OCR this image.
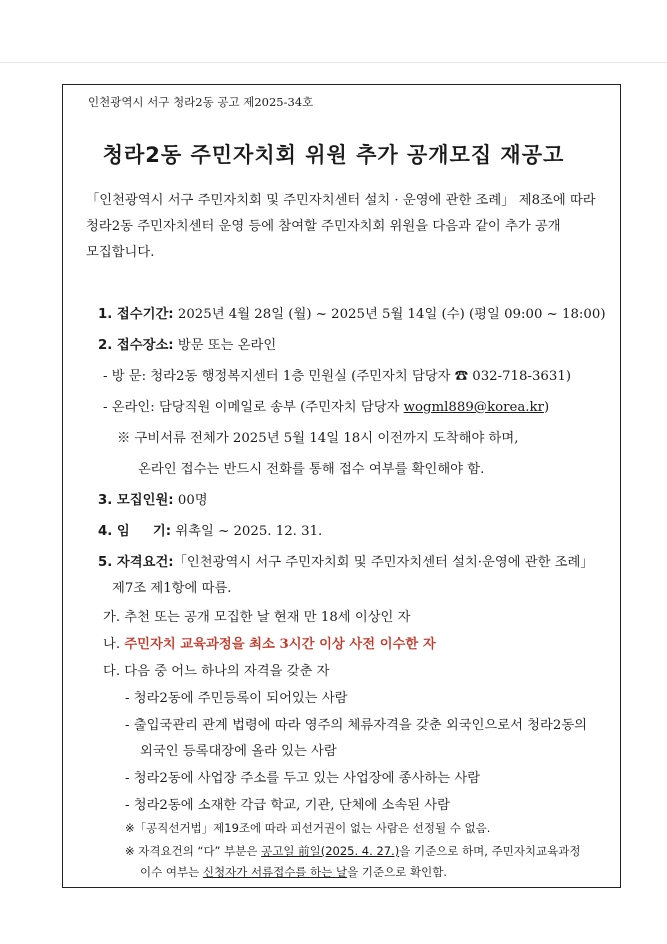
인천광역시 서구 청라2동 공고 제2025-34호
청라2동 주민자치회 위원 추가 공개모집 재공고
「인천광역시 서구 주민자치회 및 주민자치센터 설치 · 운영에 관한 조례」 제8조에 따라
청라2동 주민자치센터 운영 등에 참여할 주민자치회 위원을 다음과 같이 추가 공개
모집합니다.
1. 접수기간: 2025년 4월 28일 (월) ~ 2025년 5월 14일 (수) (평일 09:00 ~ 18:00)
2. 접수장소: 방문 또는 온라인
- 방 문: 청라2동 행정복지센터 1층 민원실 (주민자치 담당자 ☎ 032-718-3631)
- 온라인: 담당직원 이메일로 송부 (주민자치 담당자 wogml889@korea.kr)
※ 구비서류 전체가 2025년 5월 14일 18시 이전까지 도착해야 하며,
온라인 접수는 반드시 전화를 통해 접수 여부를 확인해야 함.
3. 모집인원: 00명
4. 임     기: 위촉일 ~ 2025. 12. 31.
5. 자격요건:「인천광역시 서구 주민자치회 및 주민자치센터 설치·운영에 관한 조례」
제7조 제1항에 따름.
가. 추천 또는 공개 모집한 날 현재 만 18세 이상인 자
나. 주민자치 교육과정을 최소 3시간 이상 사전 이수한 자
다. 다음 중 어느 하나의 자격을 갖춘 자
- 청라2동에 주민등록이 되어있는 사람
- 출입국관리 관계 법령에 따라 영주의 체류자격을 갖춘 외국인으로서 청라2동의
외국인 등록대장에 올라 있는 사람
- 청라2동에 사업장 주소를 두고 있는 사업장에 종사하는 사람
- 청라2동에 소재한 각급 학교, 기관, 단체에 소속된 사람
※「공직선거법」제19조에 따라 피선거권이 없는 사람은 선정될 수 없음.
※ 자격요건의 “다” 부분은 공고일 前일(2025. 4. 27.)을 기준으로 하며, 주민자치교육과정
이수 여부는 신청자가 서류접수를 하는 날을 기준으로 확인함.
